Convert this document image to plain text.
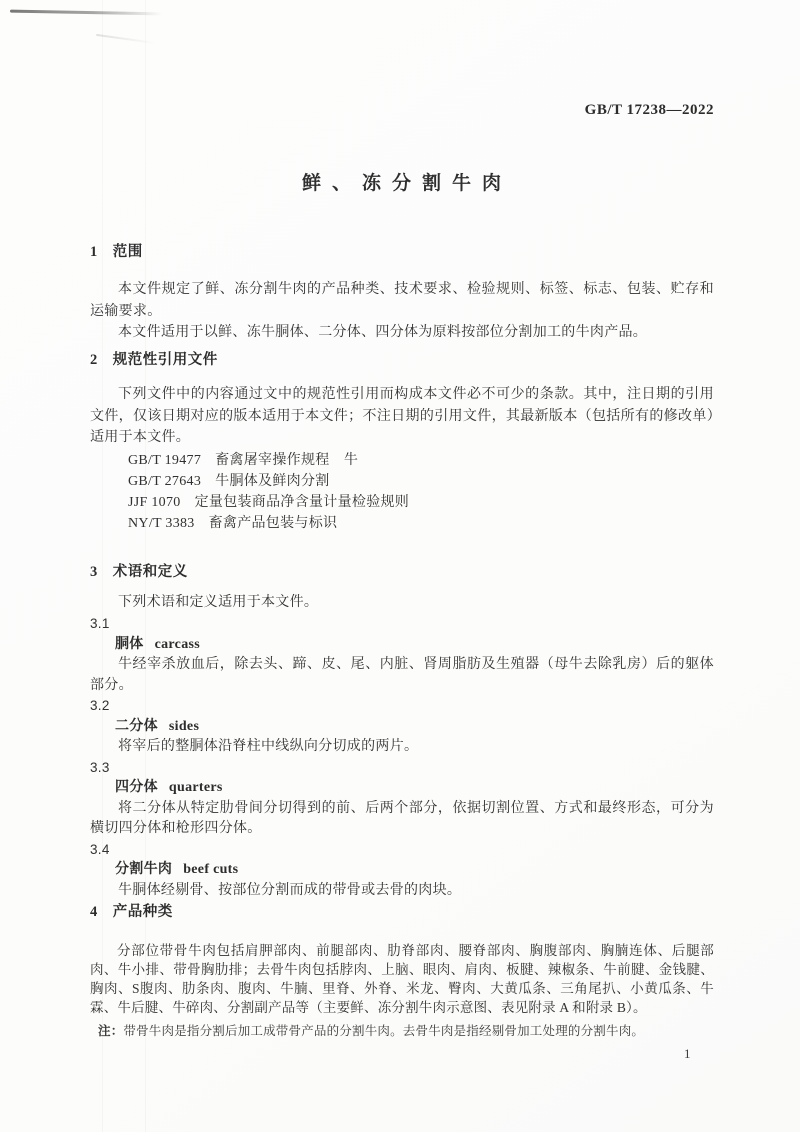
GB/T 17238—2022
鲜、冻分割牛肉
1 范围

本文件规定了鲜、冻分割牛肉的产品种类、技术要求、检验规则、标签、标志、包装、贮存和运输要求。

本文件适用于以鲜、冻牛胴体、二分体、四分体为原料按部位分割加工的牛肉产品。

2 规范性引用文件

下列文件中的内容通过文中的规范性引用而构成本文件必不可少的条款。其中，注日期的引用文件，仅该日期对应的版本适用于本文件；不注日期的引用文件，其最新版本（包括所有的修改单）适用于本文件。

GB/T 19477 畜禽屠宰操作规程　牛
GB/T 27643 牛胴体及鲜肉分割
JJF 1070 定量包装商品净含量计量检验规则
NY/T 3383 畜禽产品包装与标识
3 术语和定义

下列术语和定义适用于本文件。

3.1
胴体 carcass
牛经宰杀放血后，除去头、蹄、皮、尾、内脏、肾周脂肪及生殖器（母牛去除乳房）后的躯体部分。
3.2
二分体 sides
将宰后的整胴体沿脊柱中线纵向分切成的两片。
3.3
四分体 quarters
将二分体从特定肋骨间分切得到的前、后两个部分，依据切割位置、方式和最终形态，可分为横切四分体和枪形四分体。
3.4
分割牛肉 beef cuts
牛胴体经剔骨、按部位分割而成的带骨或去骨的肉块。
4 产品种类

分部位带骨牛肉包括肩胛部肉、前腿部肉、肋脊部肉、腰脊部肉、胸腹部肉、胸腩连体、后腿部肉、牛小排、带骨胸肋排；去骨牛肉包括脖肉、上脑、眼肉、肩肉、板腱、辣椒条、牛前腱、金钱腱、胸肉、S腹肉、肋条肉、腹肉、牛腩、里脊、外脊、米龙、臀肉、大黄瓜条、三角尾扒、小黄瓜条、牛霖、牛后腱、牛碎肉、分割副产品等（主要鲜、冻分割牛肉示意图、表见附录 A 和附录 B）。

注：带骨牛肉是指分割后加工成带骨产品的分割牛肉。去骨牛肉是指经剔骨加工处理的分割牛肉。
1
